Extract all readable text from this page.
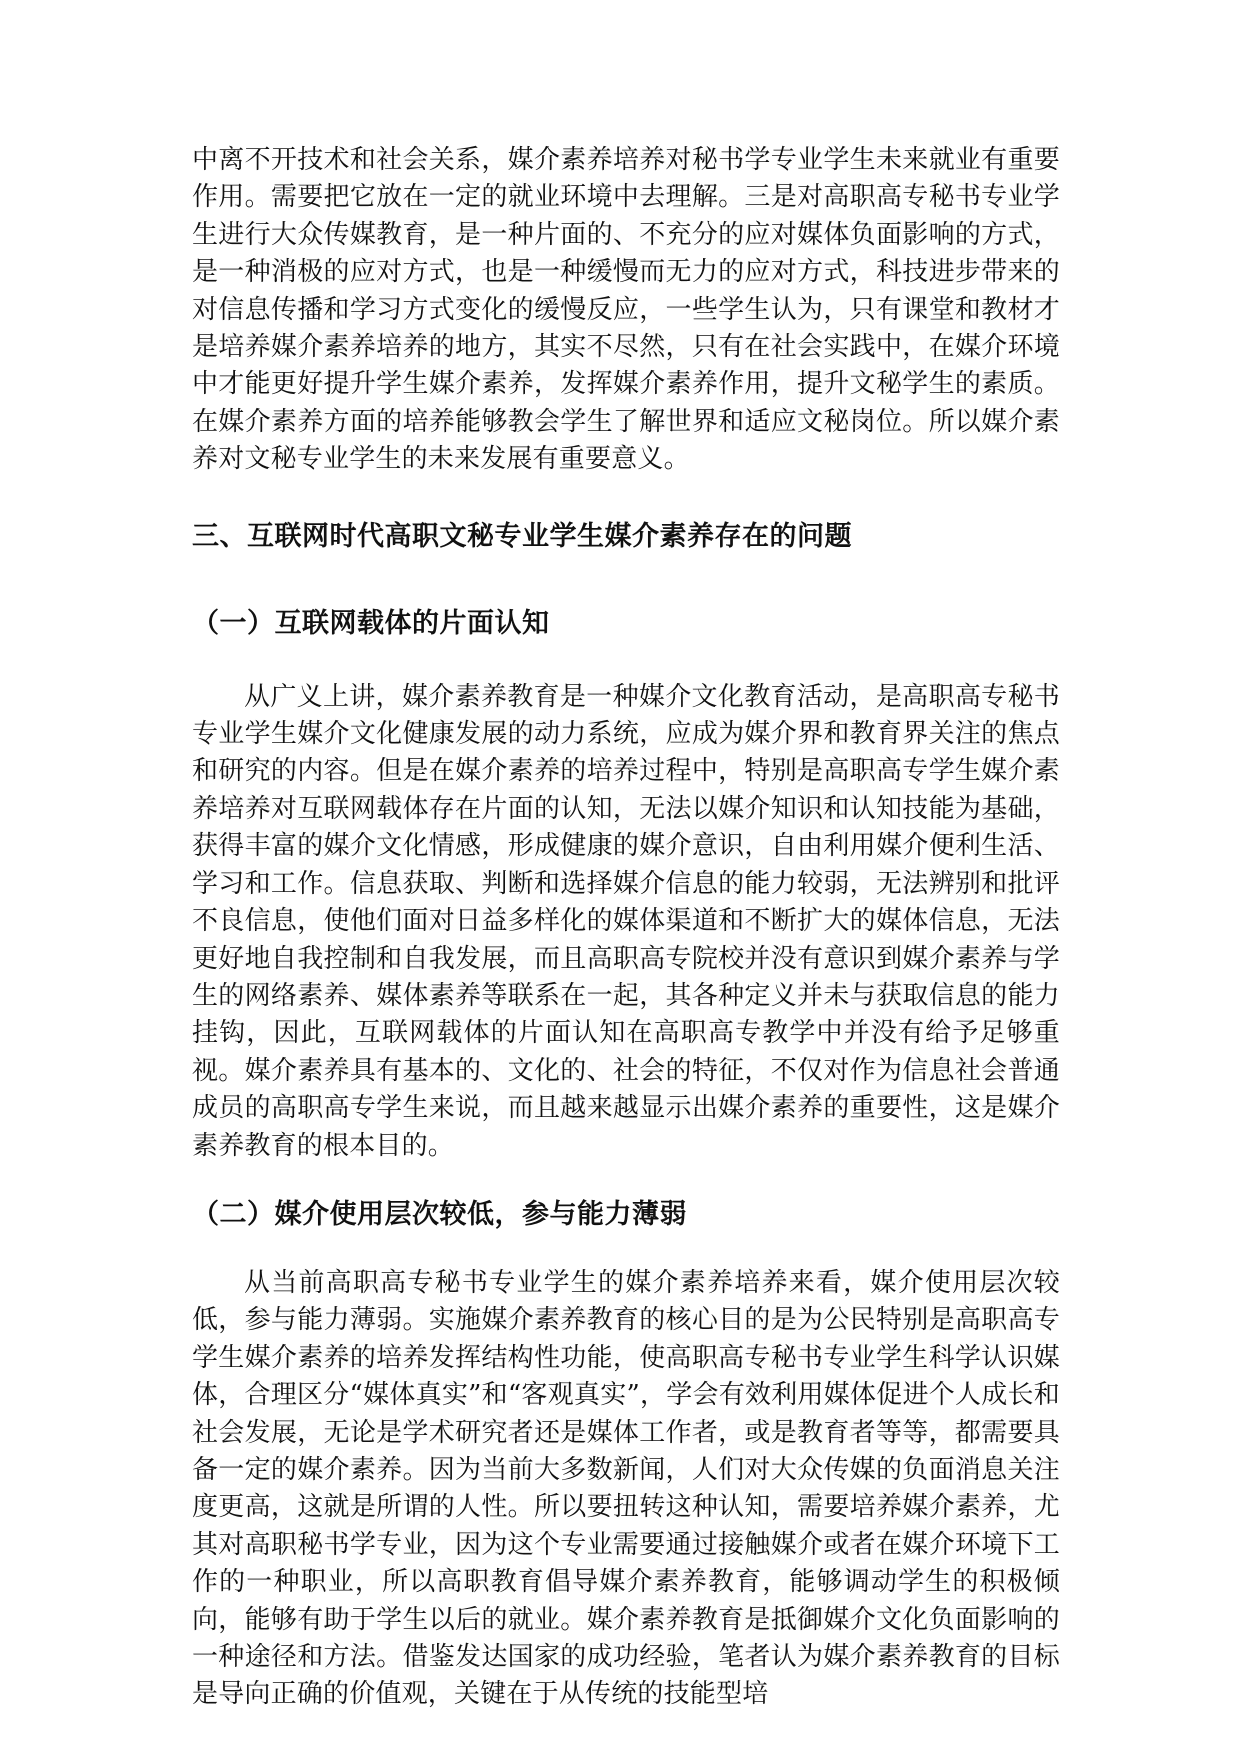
中离不开技术和社会关系，媒介素养培养对秘书学专业学生未来就业有重要作用。需要把它放在一定的就业环境中去理解。三是对高职高专秘书专业学生进行大众传媒教育，是一种片面的、不充分的应对媒体负面影响的方式，是一种消极的应对方式，也是一种缓慢而无力的应对方式，科技进步带来的对信息传播和学习方式变化的缓慢反应，一些学生认为，只有课堂和教材才是培养媒介素养培养的地方，其实不尽然，只有在社会实践中，在媒介环境中才能更好提升学生媒介素养，发挥媒介素养作用，提升文秘学生的素质。在媒介素养方面的培养能够教会学生了解世界和适应文秘岗位。所以媒介素养对文秘专业学生的未来发展有重要意义。

三、互联网时代高职文秘专业学生媒介素养存在的问题
（一）互联网载体的片面认知

从广义上讲，媒介素养教育是一种媒介文化教育活动，是高职高专秘书专业学生媒介文化健康发展的动力系统，应成为媒介界和教育界关注的焦点和研究的内容。但是在媒介素养的培养过程中，特别是高职高专学生媒介素养培养对互联网载体存在片面的认知，无法以媒介知识和认知技能为基础，获得丰富的媒介文化情感，形成健康的媒介意识，自由利用媒介便利生活、学习和工作。信息获取、判断和选择媒介信息的能力较弱，无法辨别和批评不良信息，使他们面对日益多样化的媒体渠道和不断扩大的媒体信息，无法更好地自我控制和自我发展，而且高职高专院校并没有意识到媒介素养与学生的网络素养、媒体素养等联系在一起，其各种定义并未与获取信息的能力挂钩，因此，互联网载体的片面认知在高职高专教学中并没有给予足够重视。媒介素养具有基本的、文化的、社会的特征，不仅对作为信息社会普通成员的高职高专学生来说，而且越来越显示出媒介素养的重要性，这是媒介素养教育的根本目的。

（二）媒介使用层次较低，参与能力薄弱

从当前高职高专秘书专业学生的媒介素养培养来看，媒介使用层次较低，参与能力薄弱。实施媒介素养教育的核心目的是为公民特别是高职高专学生媒介素养的培养发挥结构性功能，使高职高专秘书专业学生科学认识媒体，合理区分“媒体真实”和“客观真实”，学会有效利用媒体促进个人成长和社会发展，无论是学术研究者还是媒体工作者，或是教育者等等，都需要具备一定的媒介素养。因为当前大多数新闻，人们对大众传媒的负面消息关注度更高，这就是所谓的人性。所以要扭转这种认知，需要培养媒介素养，尤其对高职秘书学专业，因为这个专业需要通过接触媒介或者在媒介环境下工作的一种职业，所以高职教育倡导媒介素养教育，能够调动学生的积极倾向，能够有助于学生以后的就业。媒介素养教育是抵御媒介文化负面影响的一种途径和方法。借鉴发达国家的成功经验，笔者认为媒介素养教育的目标是导向正确的价值观，关键在于从传统的技能型培
